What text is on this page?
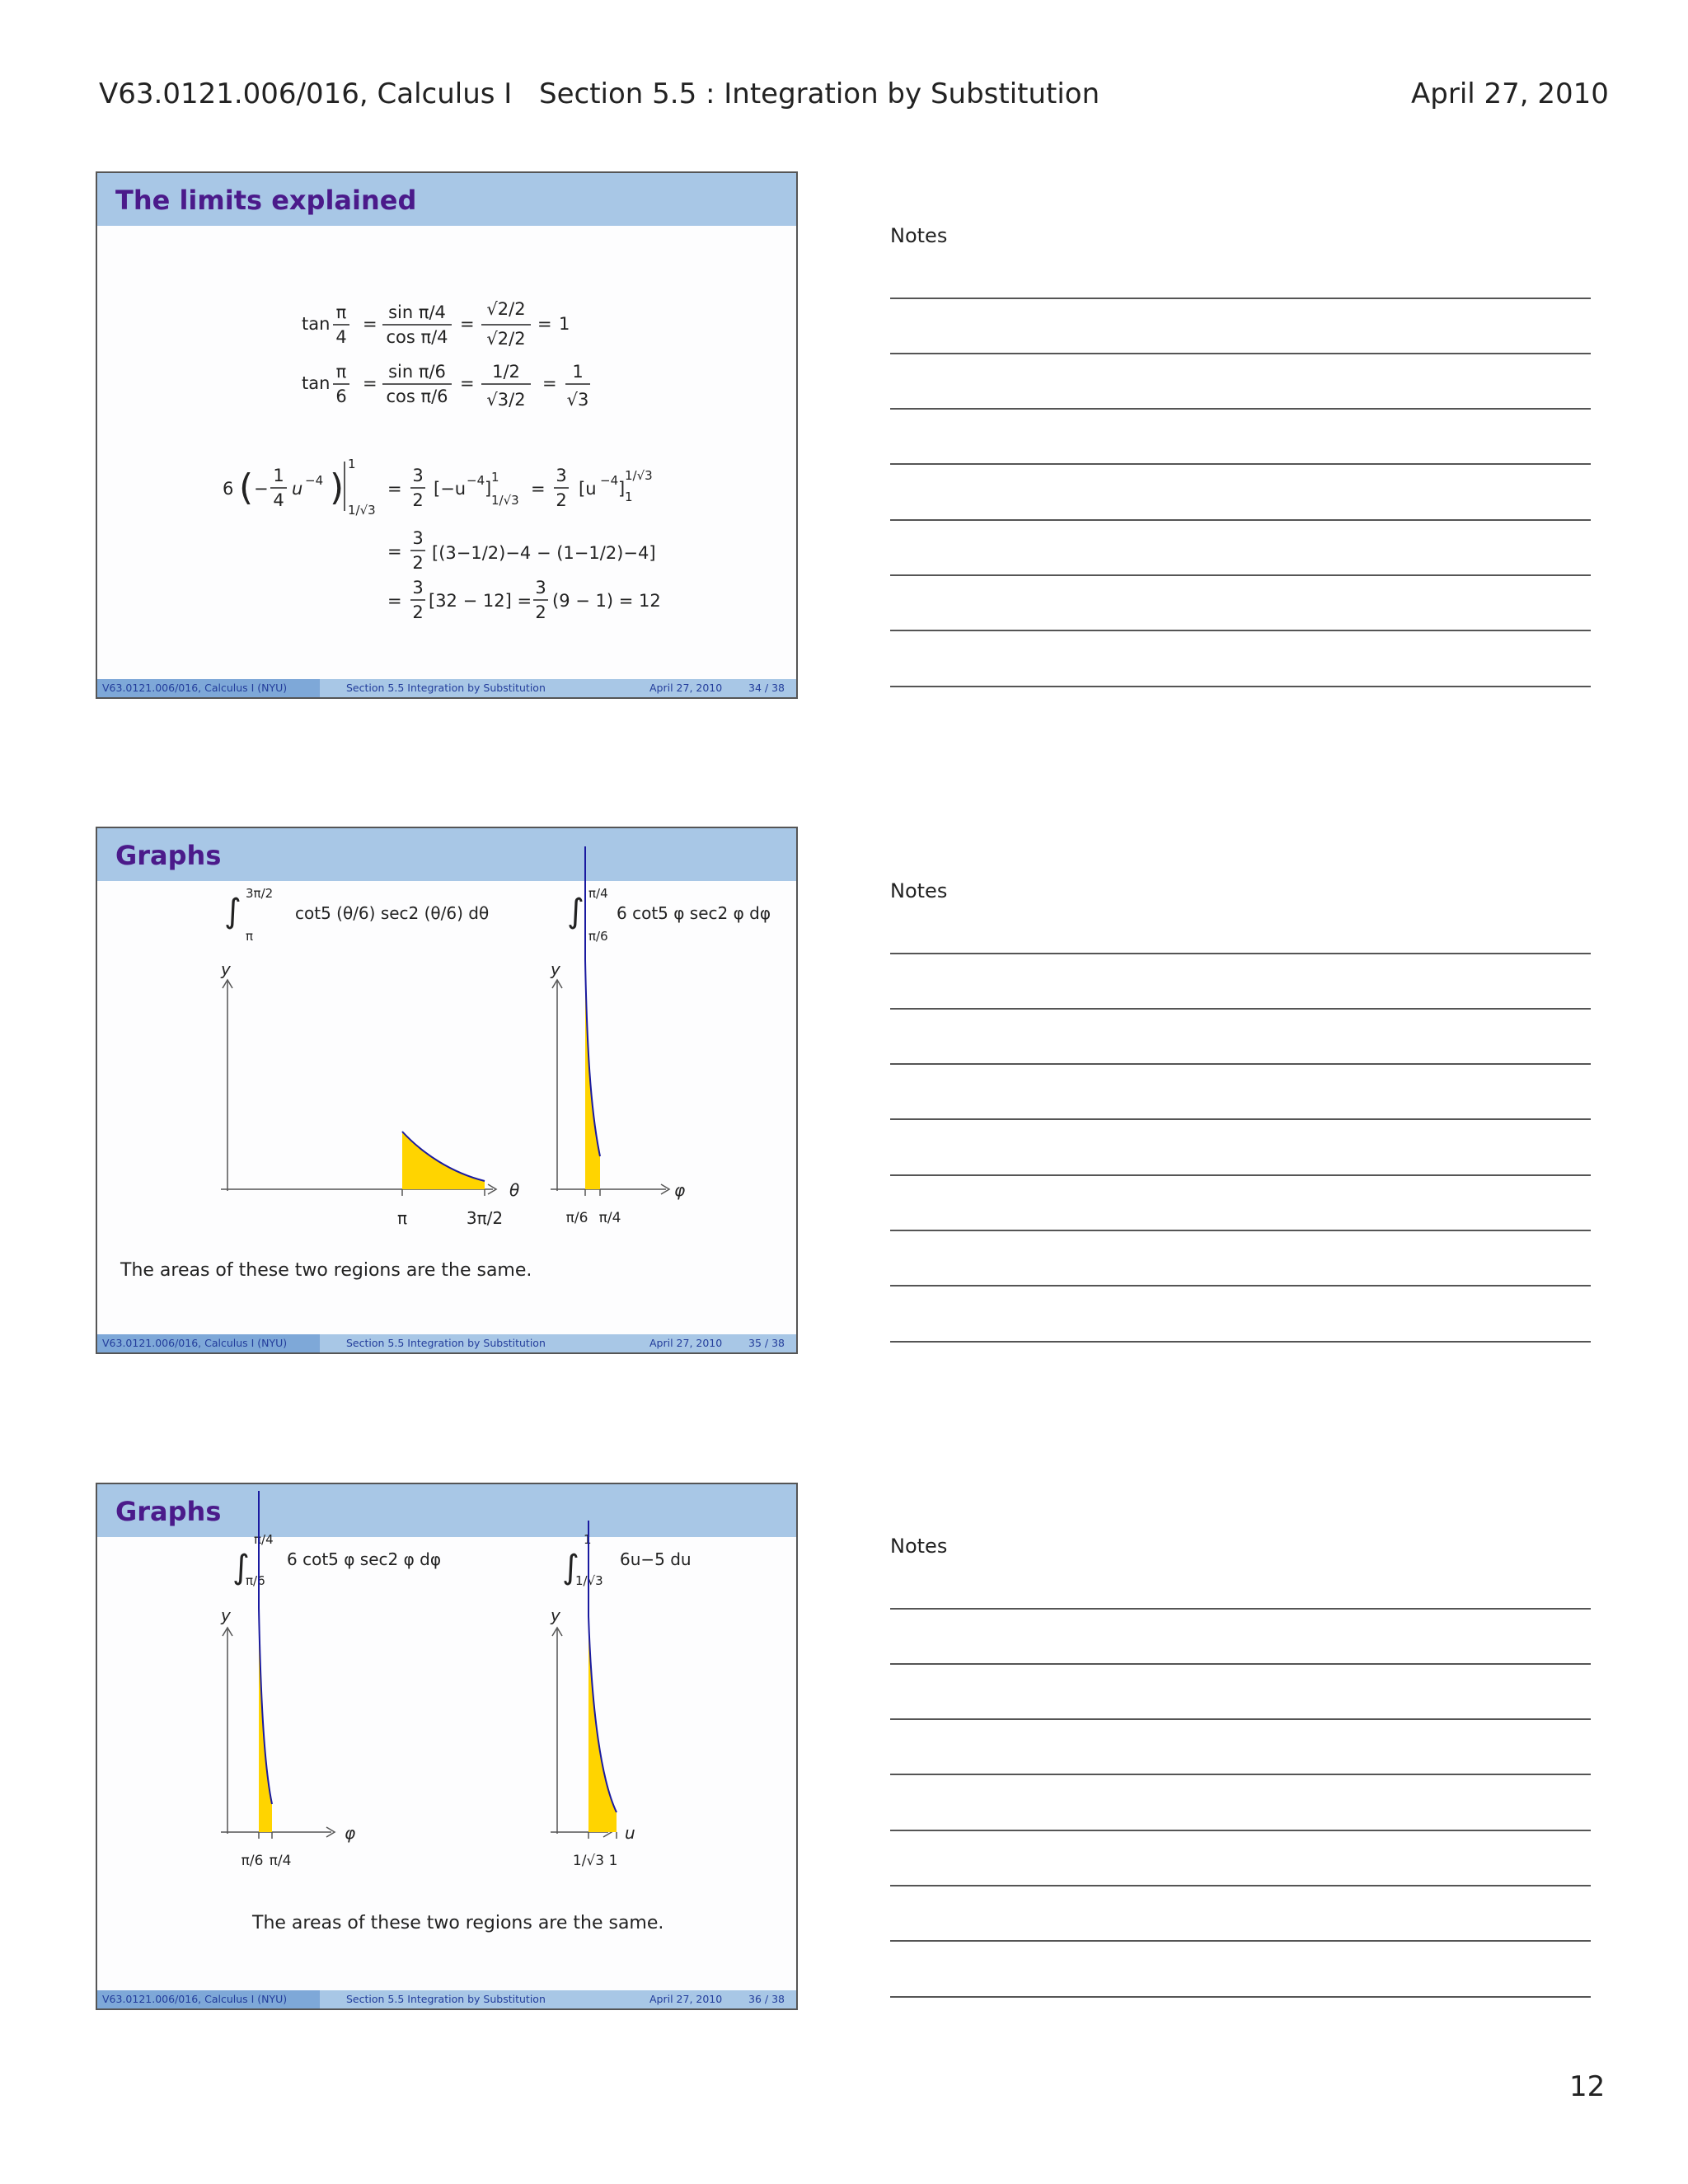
V63.0121.006/016, Calculus I Section 5.5 : Integration by Substitution	April 27, 2010
The limits explained
tan
π
4
=
sin π/4
cos π/4
=
√2/2
√2/2
= 1
tan
π
6
=
sin π/6
cos π/6
=
1/2
√3/2
=
1
√3
6 ( −
1
4
u −4 )
1
1/√3
=
3
2
[−u −4 ]
1
1/√3
=
3
2
[u −4 ]
1/√3
1
=
3
2 [(3−1/2)−4 − (1−1/2)−4]
=
3
2
[32 − 12] =
3
2
(9 − 1) = 12
V63.0121.006/016, Calculus I (NYU)	Section 5.5 Integration by Substitution	April 27, 2010	34 / 38
Graphs
∫ 3π/2
π
cot5 (θ/6) sec2 (θ/6) dθ ∫ π/4
π/6
6 cot5 φ sec2 φ dφ
y
θ
π	3π/2
y
φ
π/6 π/4
The areas of these two regions are the same.
V63.0121.006/016, Calculus I (NYU)	Section 5.5 Integration by Substitution	April 27, 2010	35 / 38
Graphs
∫
π/4
π/6
6 cot5 φ sec2 φ dφ	∫
1
1/√3
6u−5 du
y
φ
π/6 π/4
y
u
1/√3 1
The areas of these two regions are the same.
V63.0121.006/016, Calculus I (NYU)	Section 5.5 Integration by Substitution	April 27, 2010	36 / 38
Notes
Notes
Notes
12
